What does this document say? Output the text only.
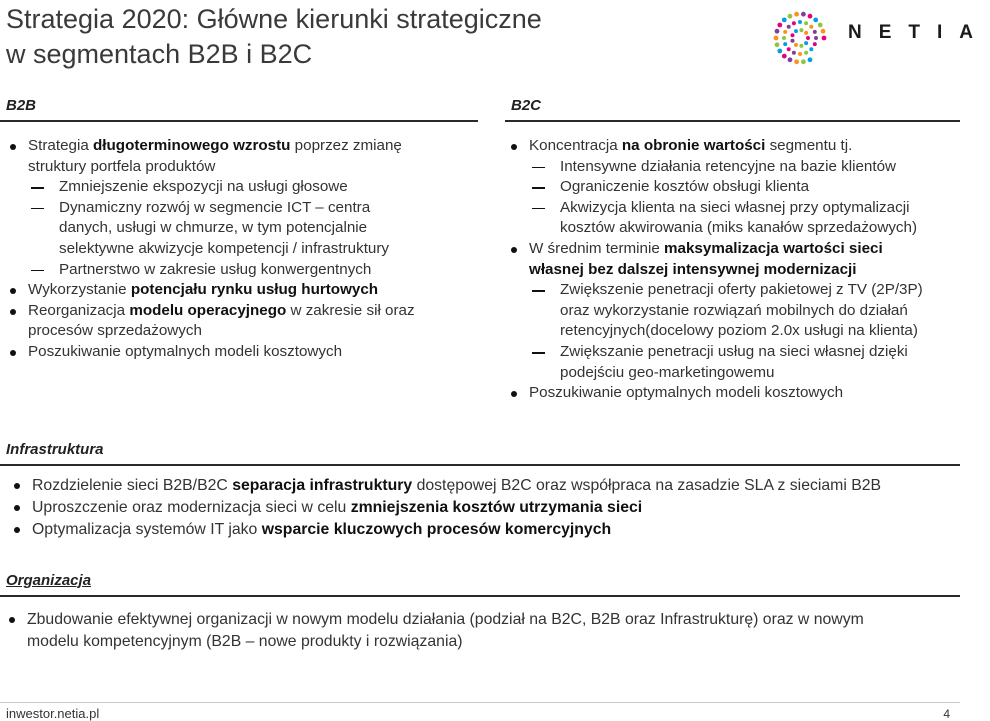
Strategia 2020: Główne kierunki strategiczne
w segmentach B2B i B2C
NETIA
B2B
Strategia długoterminowego wzrostu poprzez zmianę
struktury portfela produktów
Zmniejszenie ekspozycji na usługi głosowe
Dynamiczny rozwój w segmencie ICT – centra
danych, usługi w chmurze, w tym potencjalnie
selektywne akwizycje kompetencji / infrastruktury
Partnerstwo w zakresie usług konwergentnych
Wykorzystanie potencjału rynku usług hurtowych
Reorganizacja modelu operacyjnego w zakresie sił oraz
procesów sprzedażowych
Poszukiwanie optymalnych modeli kosztowych
B2C
Koncentracja na obronie wartości segmentu tj.
Intensywne działania retencyjne na bazie klientów
Ograniczenie kosztów obsługi klienta
Akwizycja klienta na sieci własnej przy optymalizacji
kosztów akwirowania (miks kanałów sprzedażowych)
W średnim terminie maksymalizacja wartości sieci
własnej bez dalszej intensywnej modernizacji
Zwiększenie penetracji oferty pakietowej z TV (2P/3P)
oraz wykorzystanie rozwiązań mobilnych do działań
retencyjnych(docelowy poziom 2.0x usługi na klienta)
Zwiększanie penetracji usług na sieci własnej dzięki
podejściu geo-marketingowemu
Poszukiwanie optymalnych modeli kosztowych
Infrastruktura
Rozdzielenie sieci B2B/B2C separacja infrastruktury dostępowej B2C oraz współpraca na zasadzie SLA z sieciami B2B
Uproszczenie oraz modernizacja sieci w celu zmniejszenia kosztów utrzymania sieci
Optymalizacja systemów IT jako wsparcie kluczowych procesów komercyjnych
Organizacja
Zbudowanie efektywnej organizacji w nowym modelu działania (podział na B2C, B2B oraz Infrastrukturę) oraz w nowym
modelu kompetencyjnym (B2B – nowe produkty i rozwiązania)
inwestor.netia.pl	4
